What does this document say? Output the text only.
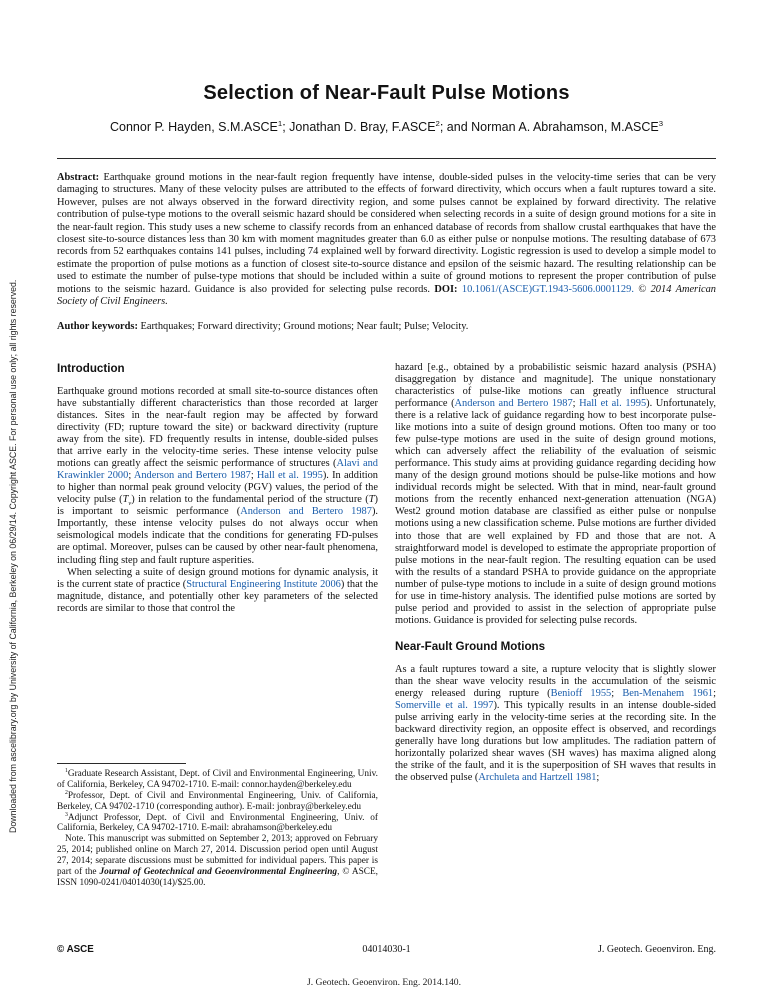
Downloaded from ascelibrary.org by University of California, Berkeley on 06/29/14. Copyright ASCE. For personal use only; all rights reserved.
Selection of Near-Fault Pulse Motions
Connor P. Hayden, S.M.ASCE$^1$; Jonathan D. Bray, F.ASCE$^2$; and Norman A. Abrahamson, M.ASCE$^3$

Abstract: Earthquake ground motions in the near-fault region frequently have intense, double-sided pulses in the velocity-time series that can be very damaging to structures. Many of these velocity pulses are attributed to the effects of forward directivity, which occurs when a fault ruptures toward a site. However, pulses are not always observed in the forward directivity region, and some pulses cannot be explained by forward directivity. The relative contribution of pulse-type motions to the overall seismic hazard should be considered when selecting records in a suite of design ground motions for a site in the near-fault region. This study uses a new scheme to classify records from an enhanced database of records from shallow crustal earthquakes that have the closest site-to-source distances less than 30 km with moment magnitudes greater than 6.0 as either pulse or nonpulse motions. The resulting database of 673 records from 52 earthquakes contains 141 pulses, including 74 explained well by forward directivity. Logistic regression is used to develop a simple model to estimate the proportion of pulse motions as a function of closest site-to-source distance and epsilon of the seismic hazard. The resulting relationship can be used to estimate the number of pulse-type motions that should be included within a suite of ground motions to represent the proper contribution of pulse motions to the seismic hazard. Guidance is also provided for selecting pulse records. DOI: 10.1061/(ASCE)GT.1943-5606.0001129. © 2014 American Society of Civil Engineers.

Author keywords: Earthquakes; Forward directivity; Ground motions; Near fault; Pulse; Velocity.

Introduction

Earthquake ground motions recorded at small site-to-source distances often have substantially different characteristics than those recorded at larger distances. Sites in the near-fault region may be affected by forward directivity (FD; rupture toward the site) or backward directivity (rupture away from the site). FD frequently results in intense, double-sided pulses that arrive early in the velocity-time series. These intense velocity pulse motions can greatly affect the seismic performance of structures (Alavi and Krawinkler 2000; Anderson and Bertero 1987; Hall et al. 1995). In addition to higher than normal peak ground velocity (PGV) values, the period of the velocity pulse $(T_v)$ in relation to the fundamental period of the structure (T) is important to seismic performance (Anderson and Bertero 1987). Importantly, these intense velocity pulses do not always occur when seismological models indicate that the conditions for generating FD-pulses are optimal. Moreover, pulses can be caused by other near-fault phenomena, including fling step and fault rupture asperities.

When selecting a suite of design ground motions for dynamic analysis, it is the current state of practice (Structural Engineering Institute 2006) that the magnitude, distance, and potentially other key parameters of the selected records are similar to those that control the

$^1$Graduate Research Assistant, Dept. of Civil and Environmental Engineering, Univ. of California, Berkeley, CA 94702-1710. E-mail: connor.hayden@berkeley.edu

$^2$Professor, Dept. of Civil and Environmental Engineering, Univ. of California, Berkeley, CA 94702-1710 (corresponding author). E-mail: jonbray@berkeley.edu

$^3$Adjunct Professor, Dept. of Civil and Environmental Engineering, Univ. of California, Berkeley, CA 94702-1710. E-mail: abrahamson@berkeley.edu

Note. This manuscript was submitted on September 2, 2013; approved on February 25, 2014; published online on March 27, 2014. Discussion period open until August 27, 2014; separate discussions must be submitted for individual papers. This paper is part of the Journal of Geotechnical and Geoenvironmental Engineering, © ASCE, ISSN 1090-0241/04014030(14)/$25.00.

hazard [e.g., obtained by a probabilistic seismic hazard analysis (PSHA) disaggregation by distance and magnitude]. The unique nonstationary characteristics of pulse-like motions can greatly influence structural performance (Anderson and Bertero 1987; Hall et al. 1995). Unfortunately, there is a relative lack of guidance regarding how to best incorporate pulse-like motions into a suite of design ground motions. Often too many or too few pulse-type motions are used in the suite of design ground motions, which can adversely affect the reliability of the evaluation of seismic performance. This study aims at providing guidance regarding deciding how many of the design ground motions should be pulse-like motions and how individual records might be selected. With that in mind, near-fault ground motions from the recently enhanced next-generation attenuation (NGA) West2 ground motion database are classified as either pulse or nonpulse motions using a new classification scheme. Pulse motions are further divided into those that are well explained by FD and those that are not. A straightforward model is developed to estimate the appropriate proportion of pulse motions in the near-fault region. The resulting equation can be used with the results of a standard PSHA to provide guidance on the appropriate number of pulse-type motions to include in a suite of design ground motions for use in time-history analysis. The identified pulse motions are sorted by pulse period and provided to assist in the selection of appropriate pulse motions. Guidance is provided for selecting pulse records.

Near-Fault Ground Motions

As a fault ruptures toward a site, a rupture velocity that is slightly slower than the shear wave velocity results in the accumulation of the seismic energy released during rupture (Benioff 1955; Ben-Menahem 1961; Somerville et al. 1997). This typically results in an intense double-sided pulse arriving early in the velocity-time series at the recording site. In the backward directivity region, an opposite effect is observed, and recordings generally have long durations but low amplitudes. The radiation pattern of horizontally polarized shear waves (SH waves) has maxima aligned along the strike of the fault, and it is the superposition of SH waves that results in the observed pulse (Archuleta and Hartzell 1981;

© ASCE	04014030-1	J. Geotech. Geoenviron. Eng.
J. Geotech. Geoenviron. Eng. 2014.140.
